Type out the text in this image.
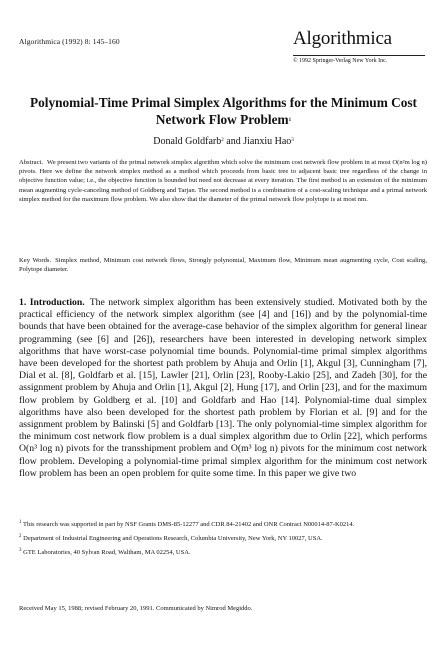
Algorithmica (1992) 8: 145–160	Algorithmica
© 1992 Springer-Verlag New York Inc.
Polynomial-Time Primal Simplex Algorithms for the Minimum Cost Network Flow Problem$^1$
Donald Goldfarb$^2$ and Jianxiu Hao$^3$
Abstract. We present two variants of the primal network simplex algorithm which solve the minimum cost network flow problem in at most O(n²m log n) pivots. Here we define the network simplex method as a method which proceeds from basic tree to adjacent basic tree regardless of the change in objective function value; i.e., the objective function is bounded but need not decrease at every iteration. The first method is an extension of the minimum mean augmenting cycle-canceling method of Goldberg and Tarjan. The second method is a combination of a cost-scaling technique and a primal network simplex method for the maximum flow problem. We also show that the diameter of the primal network flow polytope is at most nm.
Key Words. Simplex method, Minimum cost network flows, Strongly polynomial, Maximum flow, Minimum mean augmenting cycle, Cost scaling, Polytope diameter.
1. Introduction. The network simplex algorithm has been extensively studied. Motivated both by the practical efficiency of the network simplex algorithm (see [4] and [16]) and by the polynomial-time bounds that have been obtained for the average-case behavior of the simplex algorithm for general linear programming (see [6] and [26]), researchers have been interested in developing network simplex algorithms that have worst-case polynomial time bounds. Polynomial-time primal simplex algorithms have been developed for the shortest path problem by Ahuja and Orlin [1], Akgul [3], Cunningham [7], Dial et al. [8], Goldfarb et al. [15], Lawler [21], Orlin [23], Rooby-Lakio [25], and Zadeh [30], for the assignment problem by Ahuja and Orlin [1], Akgul [2], Hung [17], and Orlin [23], and for the maximum flow problem by Goldberg et al. [10] and Goldfarb and Hao [14]. Polynomial-time dual simplex algorithms have also been developed for the shortest path problem by Florian et al. [9] and for the assignment problem by Balinski [5] and Goldfarb [13]. The only polynomial-time simplex algorithm for the minimum cost network flow problem is a dual simplex algorithm due to Orlin [22], which performs O(n³ log n) pivots for the transshipment problem and O(m³ log n) pivots for the minimum cost network flow problem. Developing a polynomial-time primal simplex algorithm for the minimum cost network flow problem has been an open problem for quite some time. In this paper we give two
$^1$ This research was supported in part by NSF Grants DMS-85-12277 and CDR 84-21402 and ONR Contract N00014-87-K0214.
$^2$ Department of Industrial Engineering and Operations Research, Columbia University, New York, NY 10027, USA.
$^3$ GTE Laboratories, 40 Sylvan Road, Waltham, MA 02254, USA.
Received May 15, 1988; revised February 20, 1991. Communicated by Nimrod Megiddo.
